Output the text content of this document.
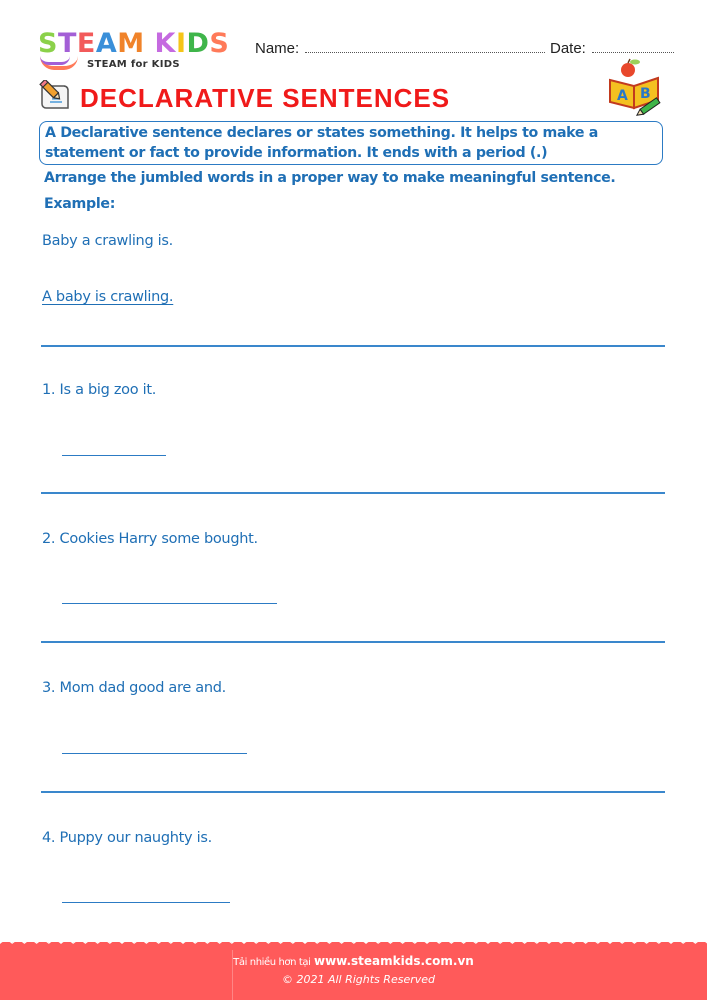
STEAM KIDS
STEAM for KIDS
Name:	Date:
DECLARATIVE SENTENCES	A B
A Declarative sentence declares or states something. It helps to make a
statement or fact to provide information. It ends with a period (.)
Arrange the jumbled words in a proper way to make meaningful sentence.
Example:
Baby a crawling is.
A baby is crawling.
1. Is a big zoo it.
2. Cookies Harry some bought.
3. Mom dad good are and.
4. Puppy our naughty is.
Tải nhiều hơn tại www.steamkids.com.vn
© 2021 All Rights Reserved
